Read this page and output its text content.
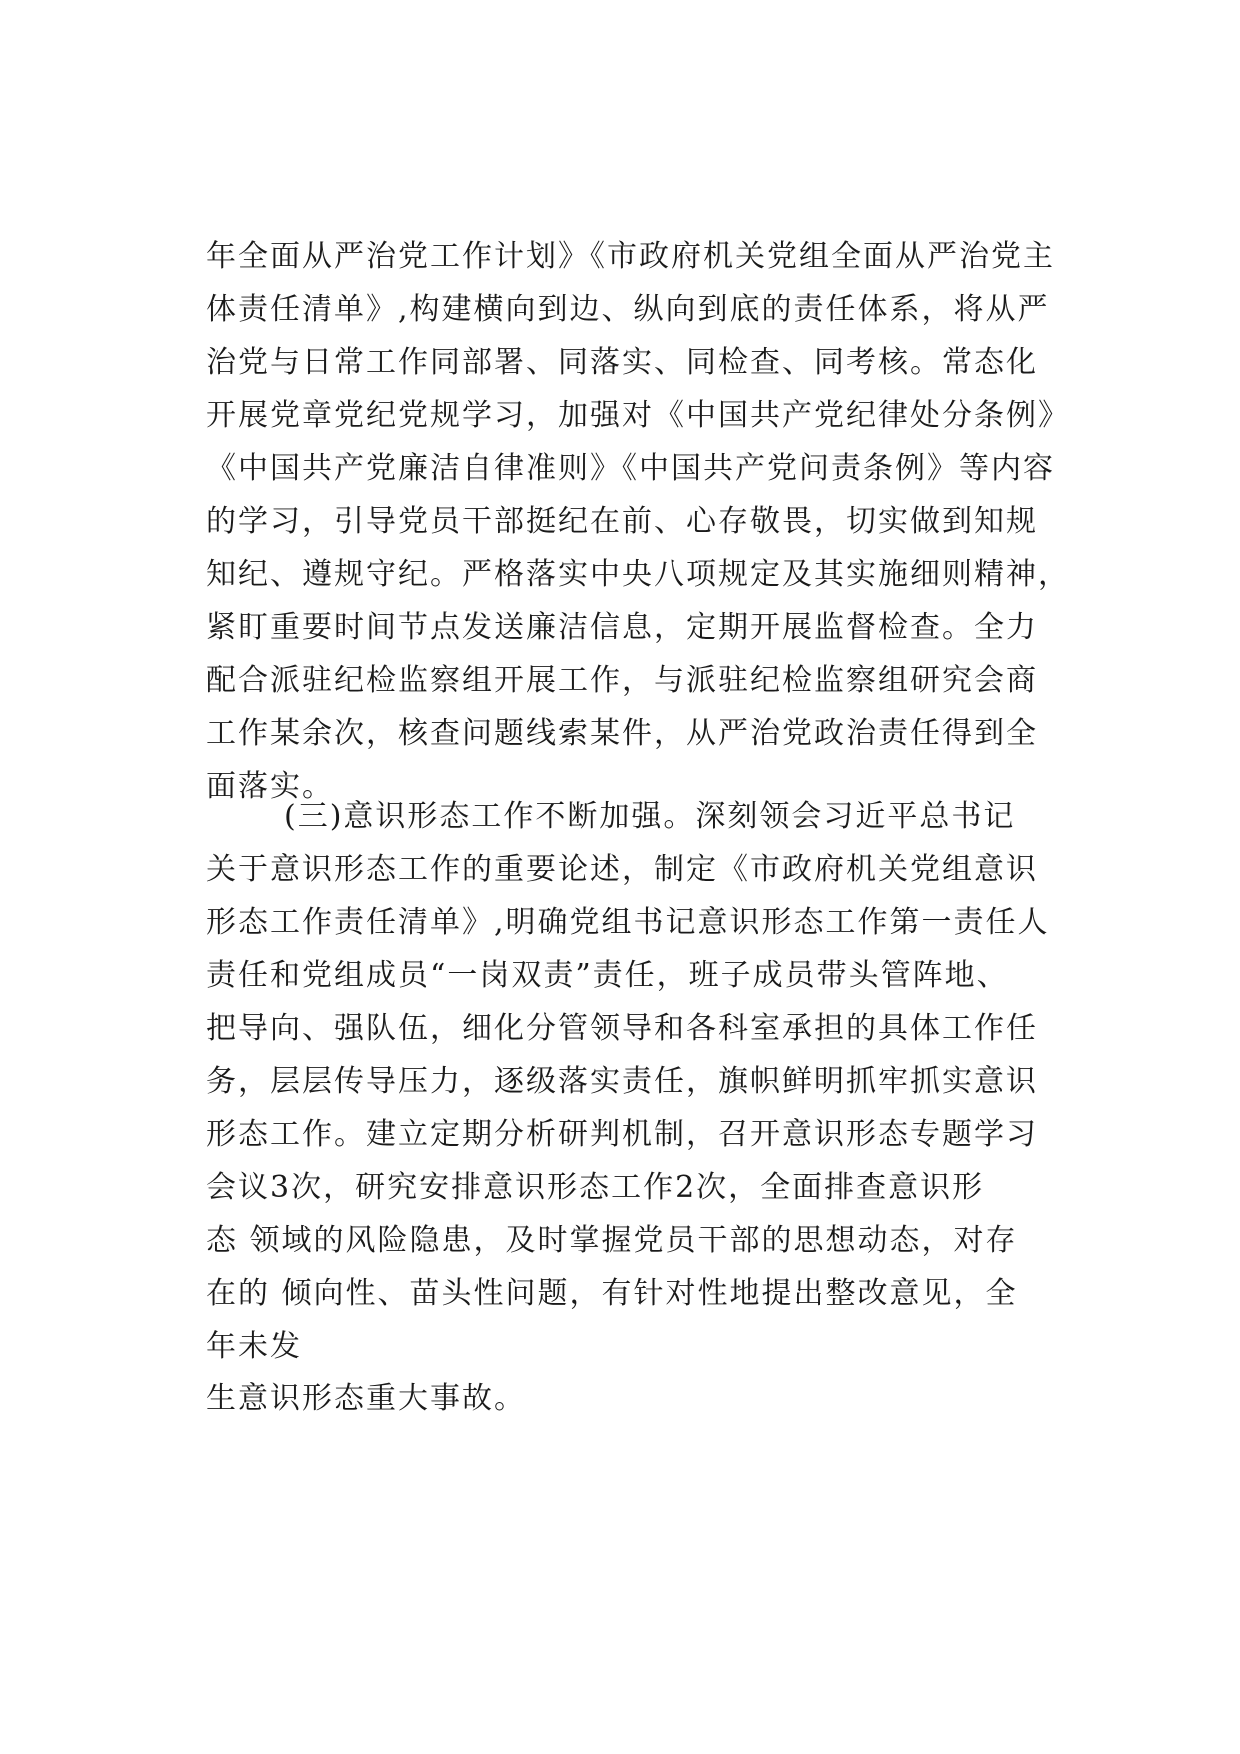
年全面从严治党工作计划》《市政府机关党组全面从严治党主
体责任清单》,构建横向到边、纵向到底的责任体系，将从严
治党与日常工作同部署、同落实、同检查、同考核。常态化
开展党章党纪党规学习，加强对《中国共产党纪律处分条例》
《中国共产党廉洁自律准则》《中国共产党问责条例》等内容
的学习，引导党员干部挺纪在前、心存敬畏，切实做到知规
知纪、遵规守纪。严格落实中央八项规定及其实施细则精神，
紧盯重要时间节点发送廉洁信息，定期开展监督检查。全力
配合派驻纪检监察组开展工作，与派驻纪检监察组研究会商
工作某余次，核查问题线索某件，从严治党政治责任得到全
面落实。
(三)意识形态工作不断加强。深刻领会习近平总书记
关于意识形态工作的重要论述，制定《市政府机关党组意识
形态工作责任清单》,明确党组书记意识形态工作第一责任人
责任和党组成员“一岗双责”责任，班子成员带头管阵地、
把导向、强队伍，细化分管领导和各科室承担的具体工作任
务，层层传导压力，逐级落实责任，旗帜鲜明抓牢抓实意识
形态工作。建立定期分析研判机制，召开意识形态专题学习
会议3次，研究安排意识形态工作2次，全面排查意识形
态 领域的风险隐患，及时掌握党员干部的思想动态，对存
在的 倾向性、苗头性问题，有针对性地提出整改意见，全
年未发
生意识形态重大事故。
